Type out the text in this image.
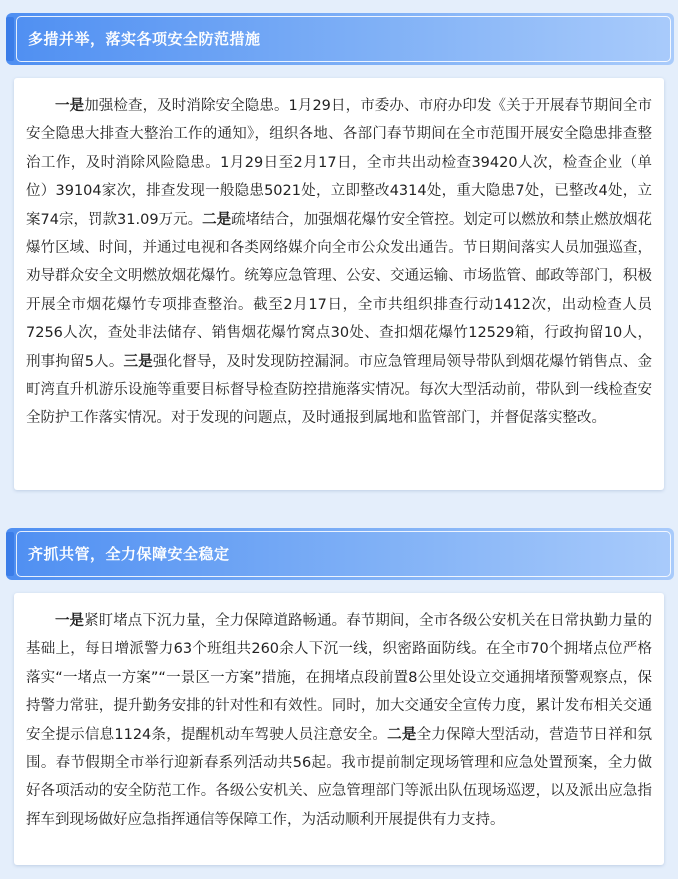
多措并举，落实各项安全防范措施

一是加强检查，及时消除安全隐患。1月29日，市委办、市府办印发《关于开展春节期间全市安全隐患大排查大整治工作的通知》，组织各地、各部门春节期间在全市范围开展安全隐患排查整治工作，及时消除风险隐患。1月29日至2月17日，全市共出动检查39420人次，检查企业（单位）39104家次，排查发现一般隐患5021处，立即整改4314处，重大隐患7处，已整改4处，立案74宗，罚款31.09万元。二是疏堵结合，加强烟花爆竹安全管控。划定可以燃放和禁止燃放烟花爆竹区域、时间，并通过电视和各类网络媒介向全市公众发出通告。节日期间落实人员加强巡查，劝导群众安全文明燃放烟花爆竹。统筹应急管理、公安、交通运输、市场监管、邮政等部门，积极开展全市烟花爆竹专项排查整治。截至2月17日，全市共组织排查行动1412次，出动检查人员7256人次，查处非法储存、销售烟花爆竹窝点30处、查扣烟花爆竹12529箱，行政拘留10人，刑事拘留5人。三是强化督导，及时发现防控漏洞。市应急管理局领导带队到烟花爆竹销售点、金町湾直升机游乐设施等重要目标督导检查防控措施落实情况。每次大型活动前，带队到一线检查安全防护工作落实情况。对于发现的问题点，及时通报到属地和监管部门，并督促落实整改。

齐抓共管，全力保障安全稳定

一是紧盯堵点下沉力量，全力保障道路畅通。春节期间，全市各级公安机关在日常执勤力量的基础上，每日增派警力63个班组共260余人下沉一线，织密路面防线。在全市70个拥堵点位严格落实“一堵点一方案”“一景区一方案”措施，在拥堵点段前置8公里处设立交通拥堵预警观察点，保持警力常驻，提升勤务安排的针对性和有效性。同时，加大交通安全宣传力度，累计发布相关交通安全提示信息1124条，提醒机动车驾驶人员注意安全。二是全力保障大型活动，营造节日祥和氛围。春节假期全市举行迎新春系列活动共56起。我市提前制定现场管理和应急处置预案，全力做好各项活动的安全防范工作。各级公安机关、应急管理部门等派出队伍现场巡逻，以及派出应急指挥车到现场做好应急指挥通信等保障工作，为活动顺利开展提供有力支持。
